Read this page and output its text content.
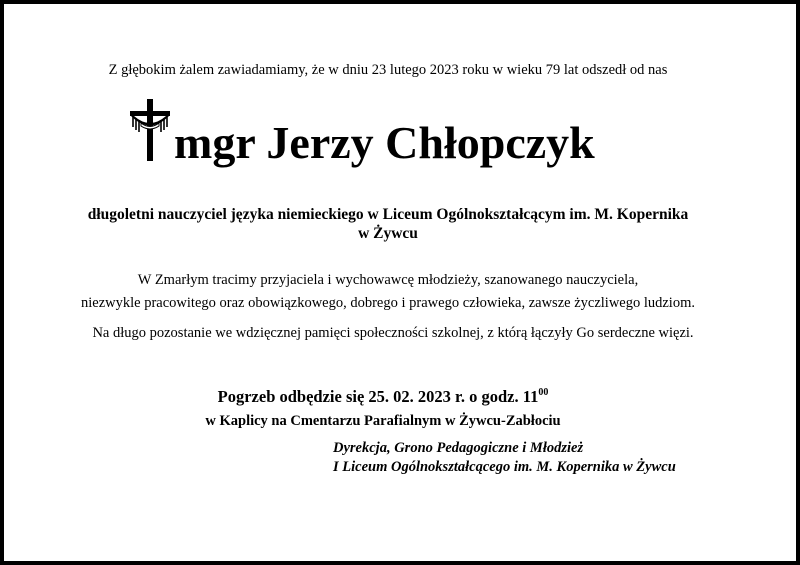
Z głębokim żalem zawiadamiamy, że w dniu 23 lutego 2023 roku w wieku 79 lat odszedł od nas
mgr Jerzy Chłopczyk
długoletni nauczyciel języka niemieckiego w Liceum Ogólnokształcącym im. M. Kopernika
w Żywcu
W Zmarłym tracimy przyjaciela i wychowawcę młodzieży, szanowanego nauczyciela,
niezwykle pracowitego oraz obowiązkowego, dobrego i prawego człowieka, zawsze życzliwego ludziom.
Na długo pozostanie we wdzięcznej pamięci społeczności szkolnej, z którą łączyły Go serdeczne więzi.
Pogrzeb odbędzie się 25. 02. 2023 r. o godz. $11^{00}$
w Kaplicy na Cmentarzu Parafialnym w Żywcu-Zabłociu
Dyrekcja, Grono Pedagogiczne i Młodzież
I Liceum Ogólnokształcącego im. M. Kopernika w Żywcu
